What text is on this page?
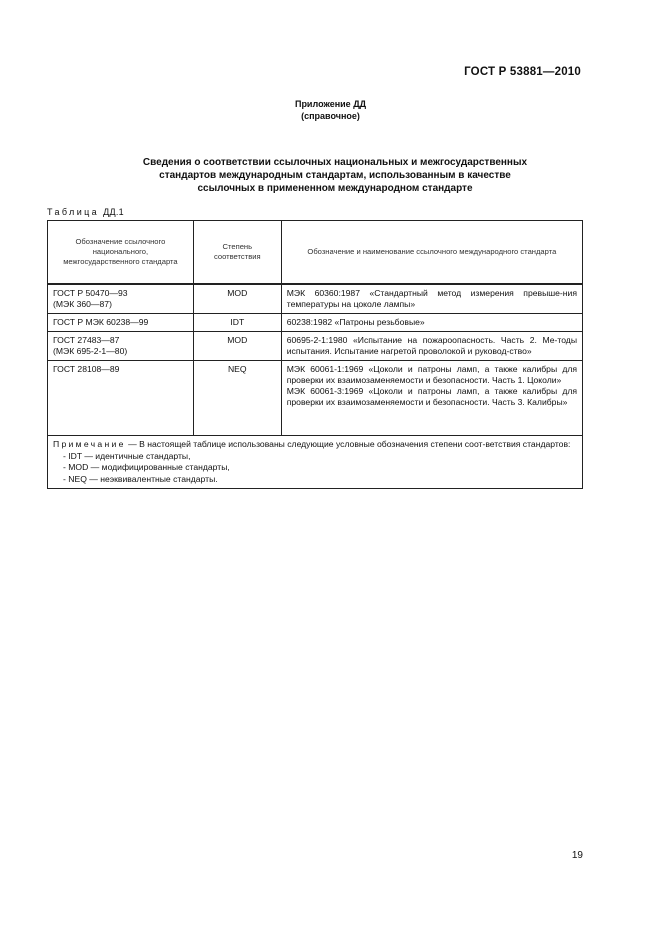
ГОСТ Р 53881—2010
Приложение ДД
(справочное)
Сведения о соответствии ссылочных национальных и межгосударственных
стандартов международным стандартам, использованным в качестве
ссылочных в примененном международном стандарте
Таблица ДД.1
Обозначение ссылочного национального, межгосударственного стандарта	Степень соответствия	Обозначение и наименование ссылочного международного стандарта

ГОСТ Р 50470—93
(МЭК 360—87)	MOD	МЭК 60360:1987 «Стандартный метод измерения превыше-ния температуры на цоколе лампы»

ГОСТ Р МЭК 60238—99	IDT	60238:1982 «Патроны резьбовые»

ГОСТ 27483—87
(МЭК 695-2-1—80)	MOD	60695-2-1:1980 «Испытание на пожароопасность. Часть 2. Ме-тоды испытания. Испытание нагретой проволокой и руковод-ство»

ГОСТ 28108—89	NEQ	МЭК 60061-1:1969 «Цоколи и патроны ламп, а также калибры для проверки их взаимозаменяемости и безопасности. Часть 1. Цоколи»
МЭК 60061-3:1969 «Цоколи и патроны ламп, а также калибры для проверки их взаимозаменяемости и безопасности. Часть 3. Калибры»

Примечание — В настоящей таблице использованы следующие условные обозначения степени соот-ветствия стандартов:
- IDT — идентичные стандарты,
- MOD — модифицированные стандарты,
- NEQ — неэквивалентные стандарты.		
19
